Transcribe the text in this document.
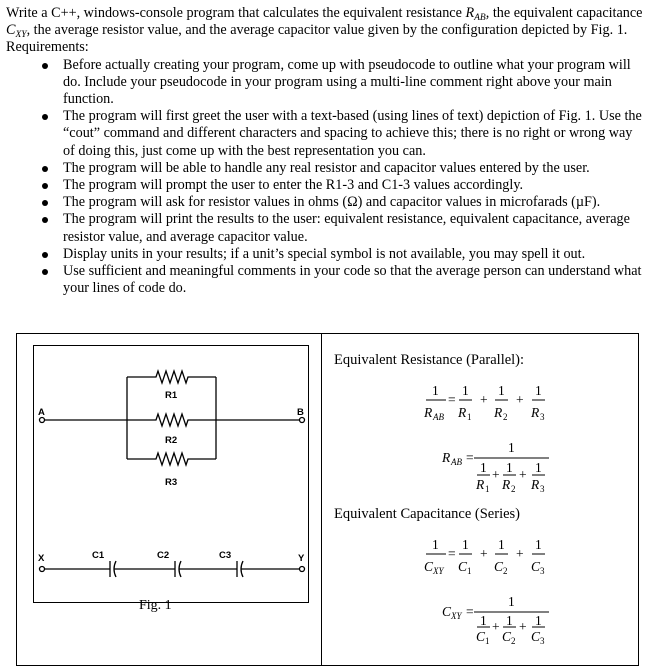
Write a C++, windows-console program that calculates the equivalent resistance $R_{AB}$, the equivalent capacitance $C_{XY}$, the average resistor value, and the average capacitor value given by the configuration depicted by Fig. 1.

Requirements:

Before actually creating your program, come up with pseudocode to outline what your program will do. Include your pseudocode in your program using a multi-line comment right above your main function.
The program will first greet the user with a text-based (using lines of text) depiction of Fig. 1. Use the “cout” command and different characters and spacing to achieve this; there is no right or wrong way of doing this, just come up with the best representation you can.
The program will be able to handle any real resistor and capacitor values entered by the user.
The program will prompt the user to enter the R1-3 and C1-3 values accordingly.
The program will ask for resistor values in ohms (Ω) and capacitor values in microfarads (µF).
The program will print the results to the user: equivalent resistance, equivalent capacitance, average resistor value, and average capacitor value.
Display units in your results; if a unit’s special symbol is not available, you may spell it out.
Use sufficient and meaningful comments in your code so that the average person can understand what your lines of code do.
R1
R2
R3
A	B
X	Y
C1	C2	C3
Fig. 1
Equivalent Resistance (Parallel):
Equivalent Capacitance (Series)
1
R AB
=
1
R 1
+
1
R 2
+
1
R 3
R AB =
1
1
R 1
+ 1
R 2
+ 1
R 3
1
C XY
=
1
C 1
+
1
C 2
+
1
C 3
C XY =
1
1
C 1
+ 1
C 2
+ 1
C 3
